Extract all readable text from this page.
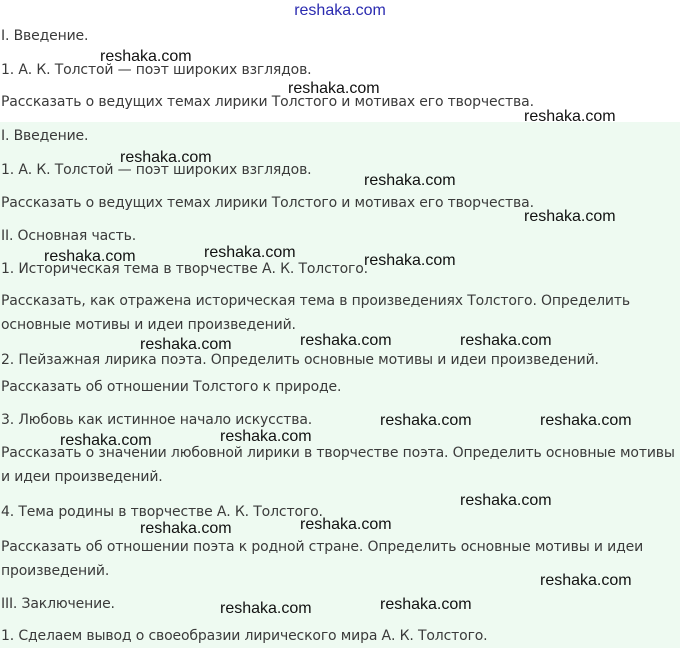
reshaka.com
I. Введение.
1. А. К. Толстой — поэт широких взглядов.
Рассказать о ведущих темах лирики Толстого и мотивах его творчества.
I. Введение.
1. А. К. Толстой — поэт широких взглядов.
Рассказать о ведущих темах лирики Толстого и мотивах его творчества.
II. Основная часть.
1. Историческая тема в творчестве А. К. Толстого.
Рассказать, как отражена историческая тема в произведениях Толстого. Определить основные мотивы и идеи произведений.
2. Пейзажная лирика поэта. Определить основные мотивы и идеи произведений.
Рассказать об отношении Толстого к природе.
3. Любовь как истинное начало искусства.
Рассказать о значении любовной лирики в творчестве поэта. Определить основные мотивы и идеи произведений.
4. Тема родины в творчестве А. К. Толстого.
Рассказать об отношении поэта к родной стране. Определить основные мотивы и идеи произведений.
III. Заключение.
1. Сделаем вывод о своеобразии лирического мира А. К. Толстого.
reshaka.com
reshaka.com
reshaka.com
reshaka.com
reshaka.com
reshaka.com
reshaka.com	reshaka.com	reshaka.com
reshaka.com	reshaka.com	reshaka.com
reshaka.com	reshaka.com
reshaka.com	reshaka.com
reshaka.com
reshaka.com	reshaka.com
reshaka.com
reshaka.com	reshaka.com
